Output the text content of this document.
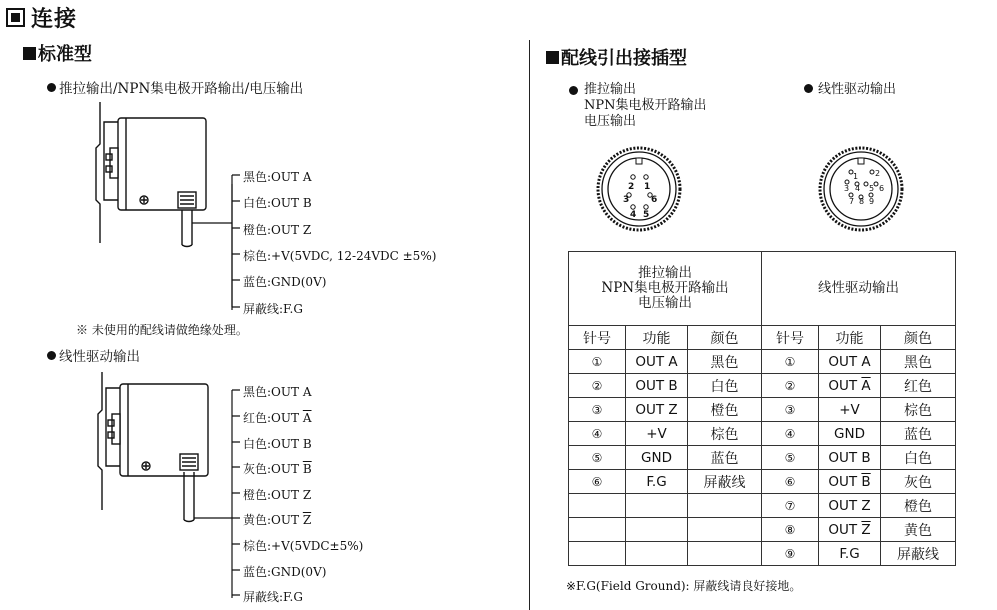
连接
标准型
推拉输出/NPN集电极开路输出/电压输出
黑色:OUT A
白色:OUT B
橙色:OUT Z
棕色:+V(5VDC, 12-24VDC ±5%)
蓝色:GND(0V)
屏蔽线:F.G
※ 未使用的配线请做绝缘处理。
线性驱动输出
黑色:OUT A
红色:OUT $\overline{A}$
白色:OUT B
灰色:OUT $\overline{B}$
橙色:OUT Z
黄色:OUT $\overline{Z}$
棕色:+V(5VDC±5%)
蓝色:GND(0V)
屏蔽线:F.G
配线引出接插型
推拉输出
NPN集电极开路输出
电压输出
线性驱动输出
2 1
3 6
4 5
1 2
3 4 5 6
7 8 9
推拉输出
NPN集电极开路输出
电压输出			线性驱动输出		
针号	功能	颜色	针号	功能	颜色
①	OUT A	黑色	①	OUT A	黑色
②	OUT B	白色	②	OUT $\overline{A}$	红色
③	OUT Z	橙色	③	+V	棕色
④	+V	棕色	④	GND	蓝色
⑤	GND	蓝色	⑤	OUT B	白色
⑥	F.G	屏蔽线	⑥	OUT $\overline{B}$	灰色
			⑦	OUT Z	橙色
			⑧	OUT $\overline{Z}$	黄色
			⑨	F.G	屏蔽线
※F.G(Field Ground): 屏蔽线请良好接地。
